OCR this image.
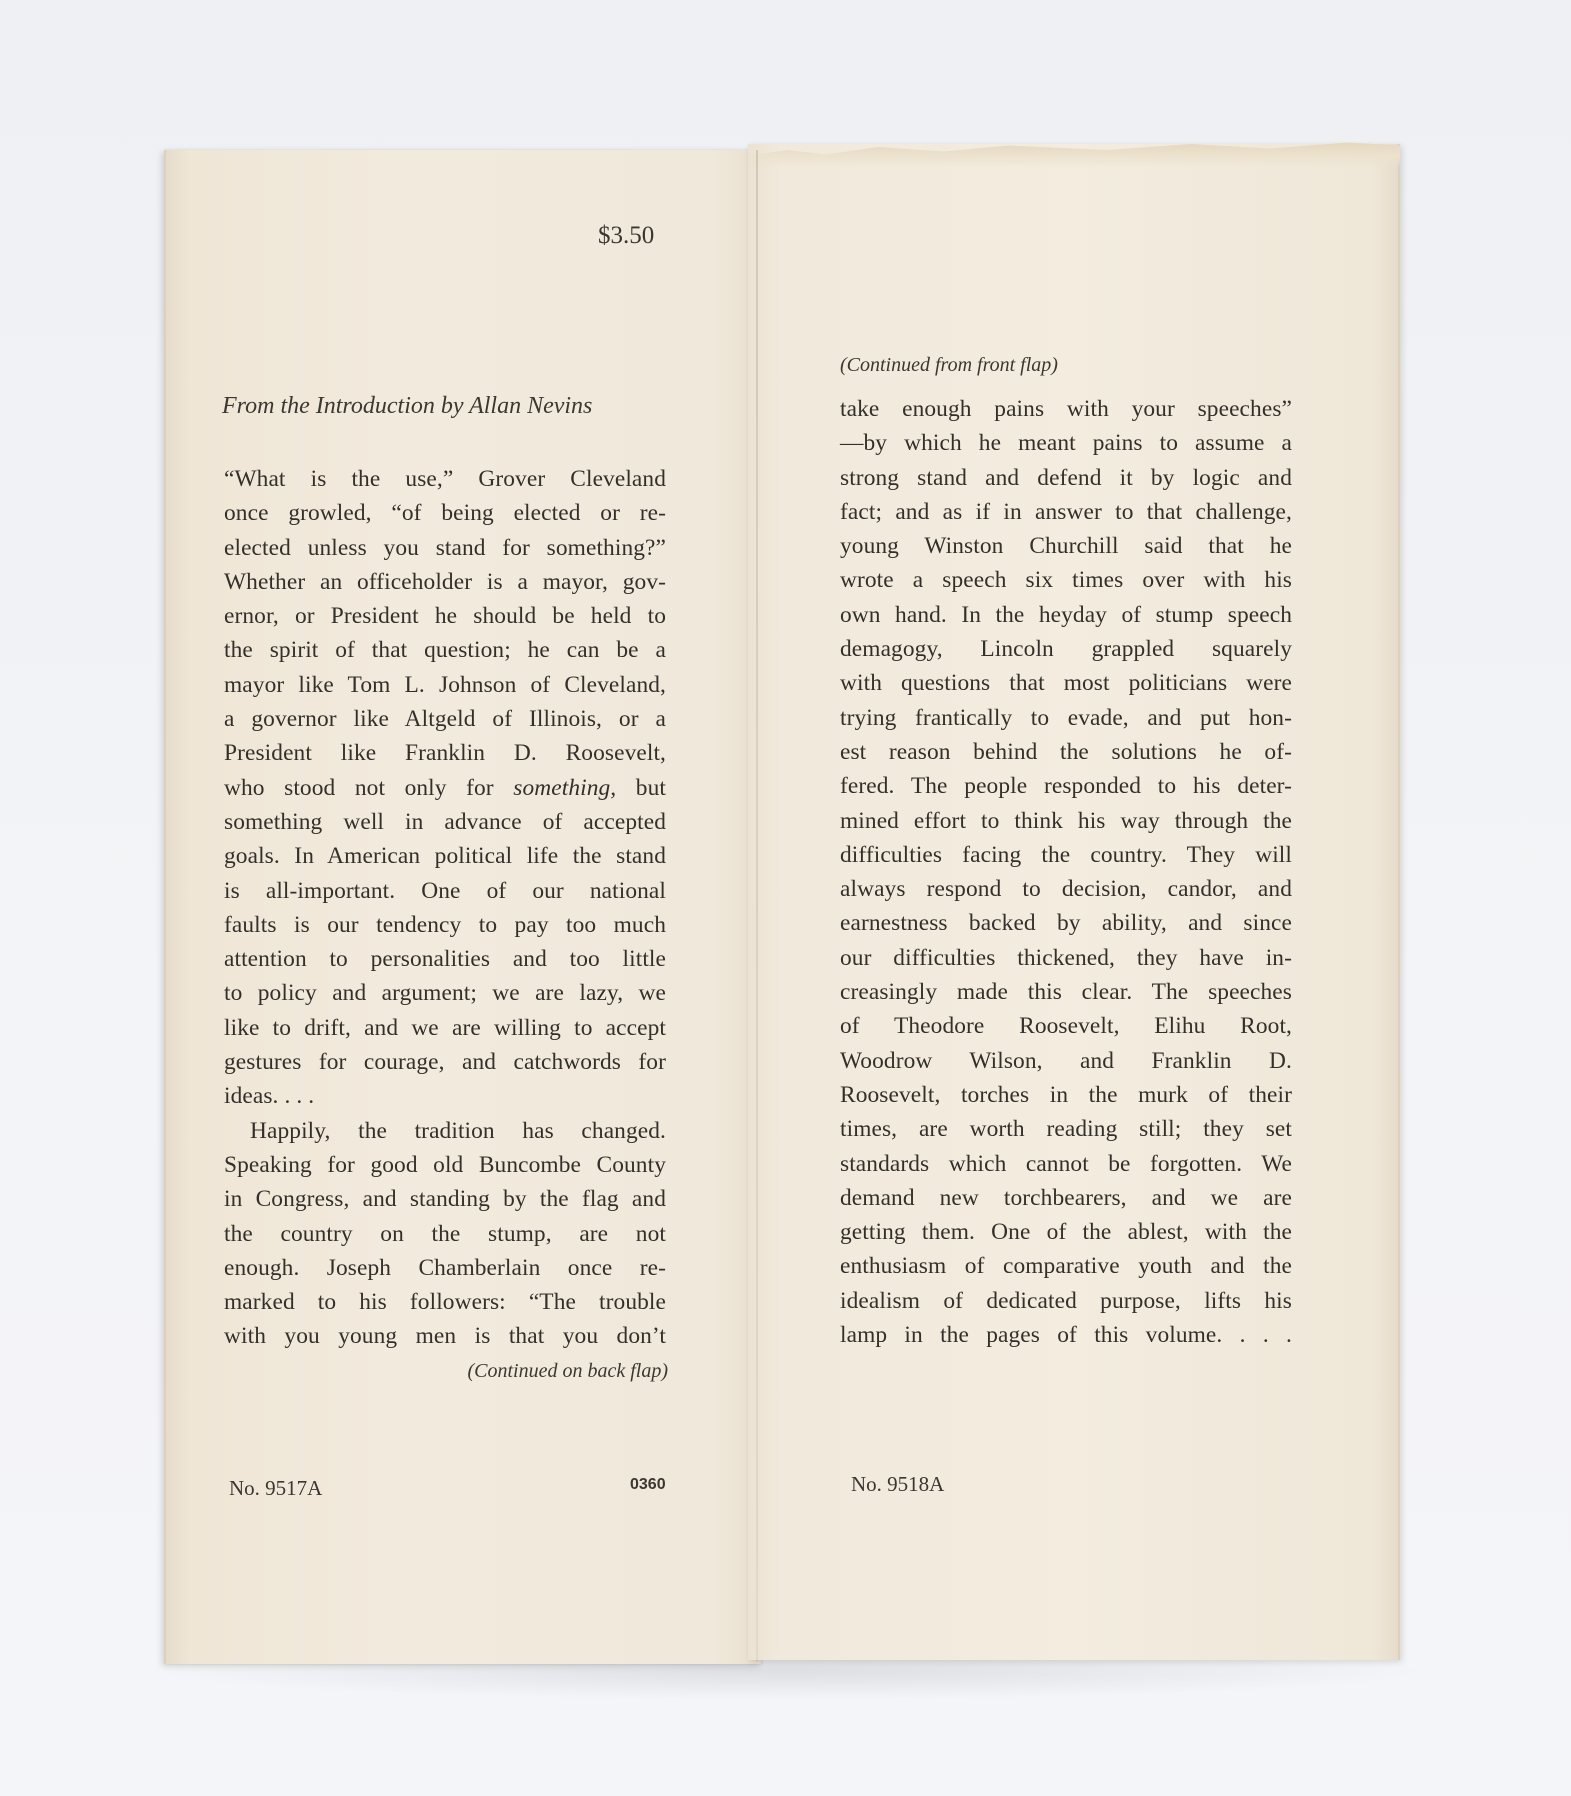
$3.50
From the Introduction by Allan Nevins
“What is the use,” Grover Cleveland
once growled, “of being elected or re-
elected unless you stand for something?”
Whether an officeholder is a mayor, gov-
ernor, or President he should be held to
the spirit of that question; he can be a
mayor like Tom L. Johnson of Cleveland,
a governor like Altgeld of Illinois, or a
President like Franklin D. Roosevelt,
who stood not only for something, but
something well in advance of accepted
goals. In American political life the stand
is all-important. One of our national
faults is our tendency to pay too much
attention to personalities and too little
to policy and argument; we are lazy, we
like to drift, and we are willing to accept
gestures for courage, and catchwords for
ideas. . . .
Happily, the tradition has changed.
Speaking for good old Buncombe County
in Congress, and standing by the flag and
the country on the stump, are not
enough. Joseph Chamberlain once re-
marked to his followers: “The trouble
with you young men is that you don’t
(Continued on back flap)
No. 9517A	0360
(Continued from front flap)
take enough pains with your speeches”
—by which he meant pains to assume a
strong stand and defend it by logic and
fact; and as if in answer to that challenge,
young Winston Churchill said that he
wrote a speech six times over with his
own hand. In the heyday of stump speech
demagogy, Lincoln grappled squarely
with questions that most politicians were
trying frantically to evade, and put hon-
est reason behind the solutions he of-
fered. The people responded to his deter-
mined effort to think his way through the
difficulties facing the country. They will
always respond to decision, candor, and
earnestness backed by ability, and since
our difficulties thickened, they have in-
creasingly made this clear. The speeches
of Theodore Roosevelt, Elihu Root,
Woodrow Wilson, and Franklin D.
Roosevelt, torches in the murk of their
times, are worth reading still; they set
standards which cannot be forgotten. We
demand new torchbearers, and we are
getting them. One of the ablest, with the
enthusiasm of comparative youth and the
idealism of dedicated purpose, lifts his
lamp in the pages of this volume. . . .
No. 9518A
